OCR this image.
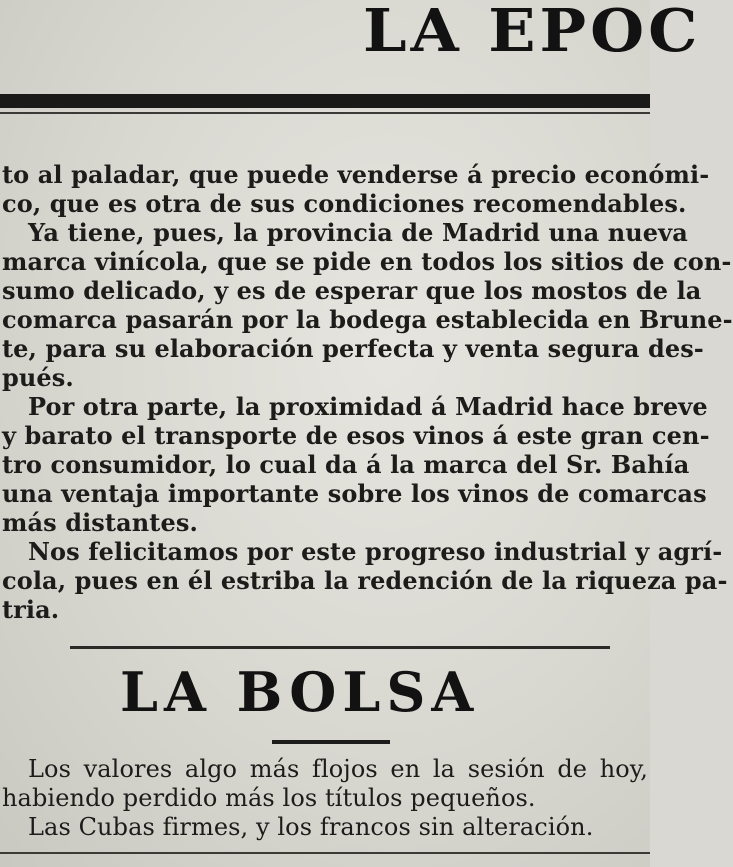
LA EPOC
to al paladar, que puede venderse á precio económi-
co, que es otra de sus condiciones recomendables.
Ya tiene, pues, la provincia de Madrid una nueva
marca vinícola, que se pide en todos los sitios de con-
sumo delicado, y es de esperar que los mostos de la
comarca pasarán por la bodega establecida en Brune-
te, para su elaboración perfecta y venta segura des-
pués.
Por otra parte, la proximidad á Madrid hace breve
y barato el transporte de esos vinos á este gran cen-
tro consumidor, lo cual da á la marca del Sr. Bahía
una ventaja importante sobre los vinos de comarcas
más distantes.
Nos felicitamos por este progreso industrial y agrí-
cola, pues en él estriba la redención de la riqueza pa-
tria.
LA BOLSA
Los valores algo más flojos en la sesión de hoy,
habiendo perdido más los títulos pequeños.
Las Cubas firmes, y los francos sin alteración.
